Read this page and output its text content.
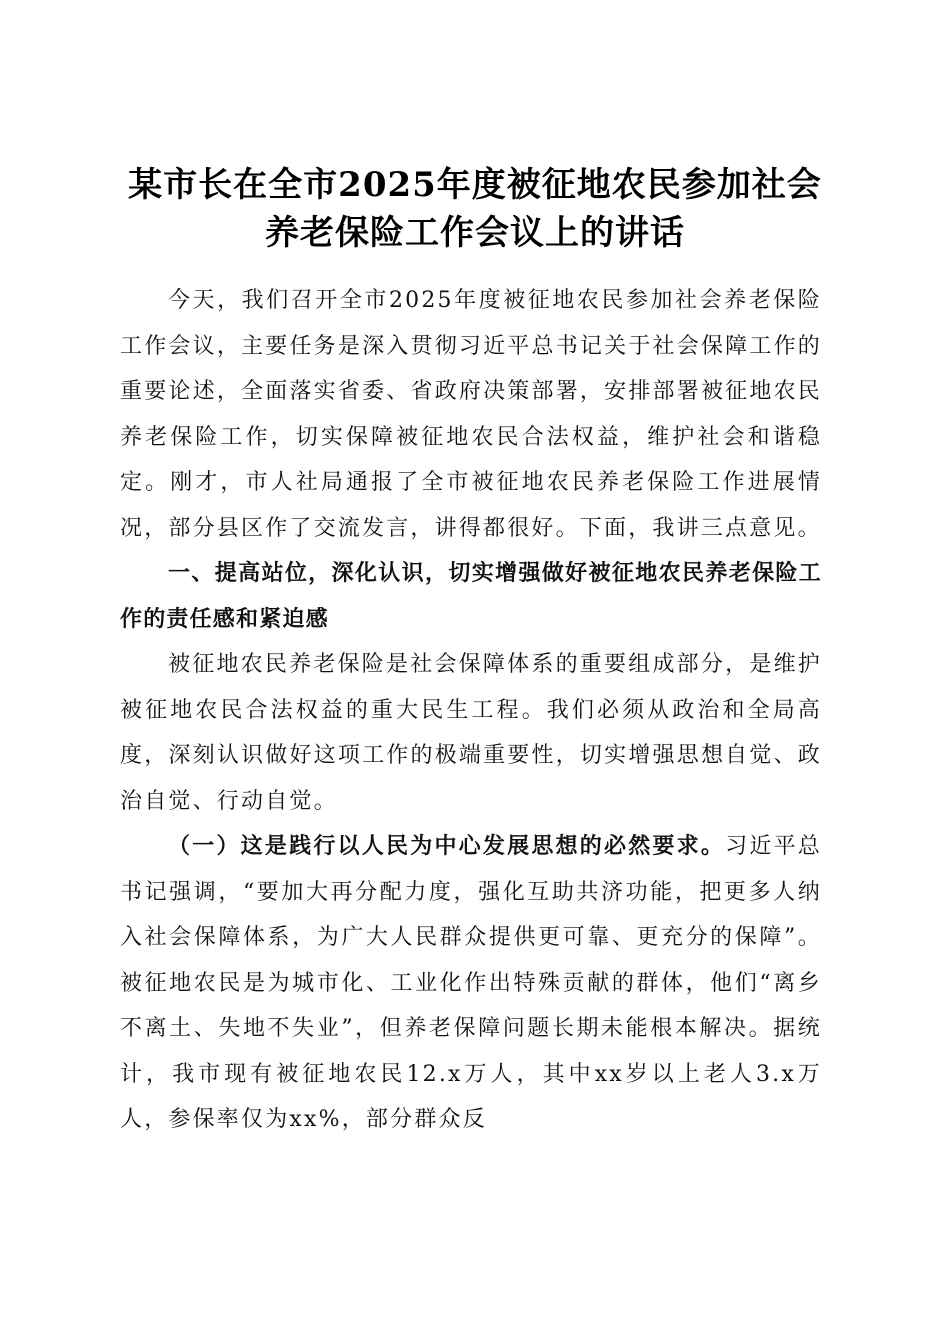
某市长在全市2025年度被征地农民参加社会
养老保险工作会议上的讲话

今天，我们召开全市2025年度被征地农民参加社会养老保险工作会议，主要任务是深入贯彻习近平总书记关于社会保障工作的重要论述，全面落实省委、省政府决策部署，安排部署被征地农民养老保险工作，切实保障被征地农民合法权益，维护社会和谐稳定。刚才，市人社局通报了全市被征地农民养老保险工作进展情况，部分县区作了交流发言，讲得都很好。下面，我讲三点意见。

一、提高站位，深化认识，切实增强做好被征地农民养老保险工作的责任感和紧迫感

被征地农民养老保险是社会保障体系的重要组成部分，是维护被征地农民合法权益的重大民生工程。我们必须从政治和全局高度，深刻认识做好这项工作的极端重要性，切实增强思想自觉、政治自觉、行动自觉。

（一）这是践行以人民为中心发展思想的必然要求。习近平总书记强调，“要加大再分配力度，强化互助共济功能，把更多人纳入社会保障体系，为广大人民群众提供更可靠、更充分的保障”。被征地农民是为城市化、工业化作出特殊贡献的群体，他们“离乡不离土、失地不失业”，但养老保障问题长期未能根本解决。据统计，我市现有被征地农民12.x万人，其中xx岁以上老人3.x万人，参保率仅为xx%，部分群众反
